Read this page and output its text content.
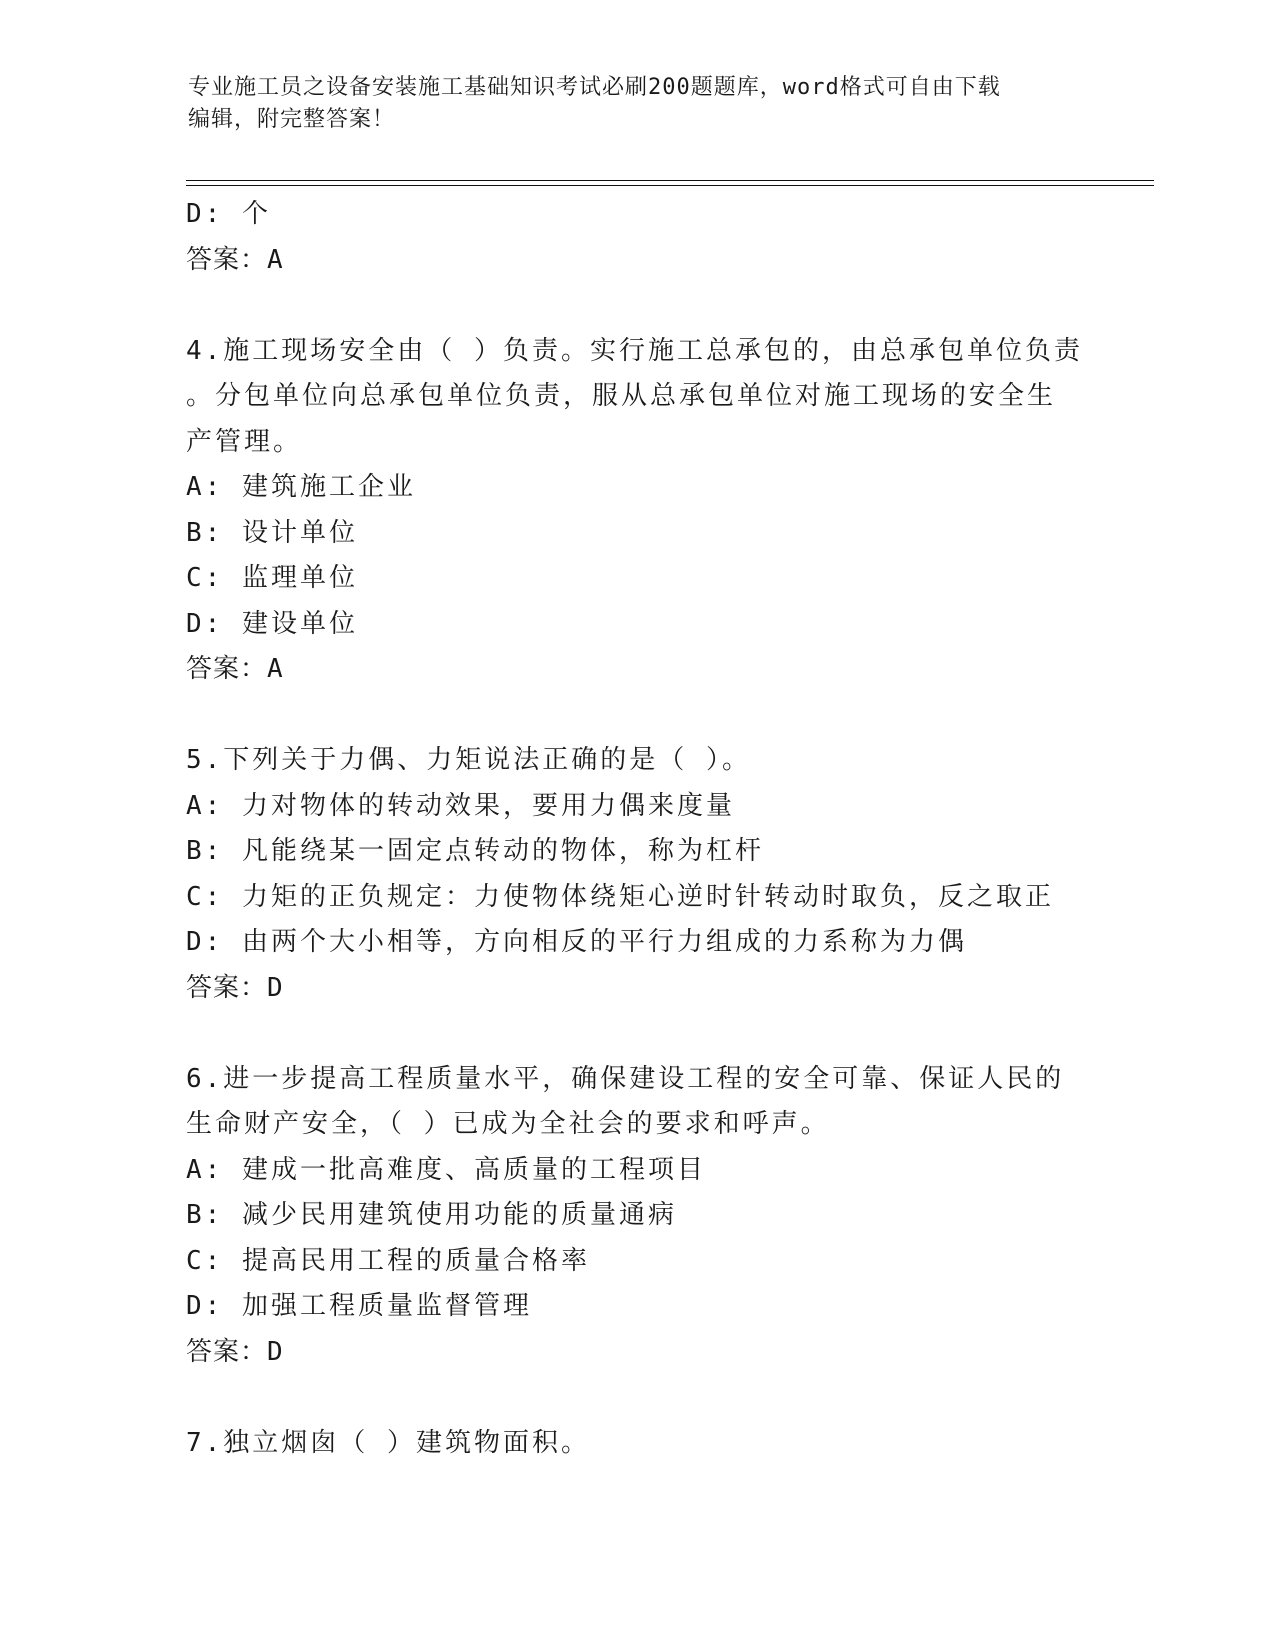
专业施工员之设备安装施工基础知识考试必刷200题题库，word格式可自由下载
编辑，附完整答案！
D: 个
答案：A
4.施工现场安全由（ ）负责。实行施工总承包的，由总承包单位负责
。分包单位向总承包单位负责，服从总承包单位对施工现场的安全生
产管理。
A: 建筑施工企业
B: 设计单位
C: 监理单位
D: 建设单位
答案：A
5.下列关于力偶、力矩说法正确的是（ ）。
A: 力对物体的转动效果，要用力偶来度量
B: 凡能绕某一固定点转动的物体，称为杠杆
C: 力矩的正负规定：力使物体绕矩心逆时针转动时取负，反之取正
D: 由两个大小相等，方向相反的平行力组成的力系称为力偶
答案：D
6.进一步提高工程质量水平，确保建设工程的安全可靠、保证人民的
生命财产安全，（ ）已成为全社会的要求和呼声。
A: 建成一批高难度、高质量的工程项目
B: 减少民用建筑使用功能的质量通病
C: 提高民用工程的质量合格率
D: 加强工程质量监督管理
答案：D
7.独立烟囱（ ）建筑物面积。
